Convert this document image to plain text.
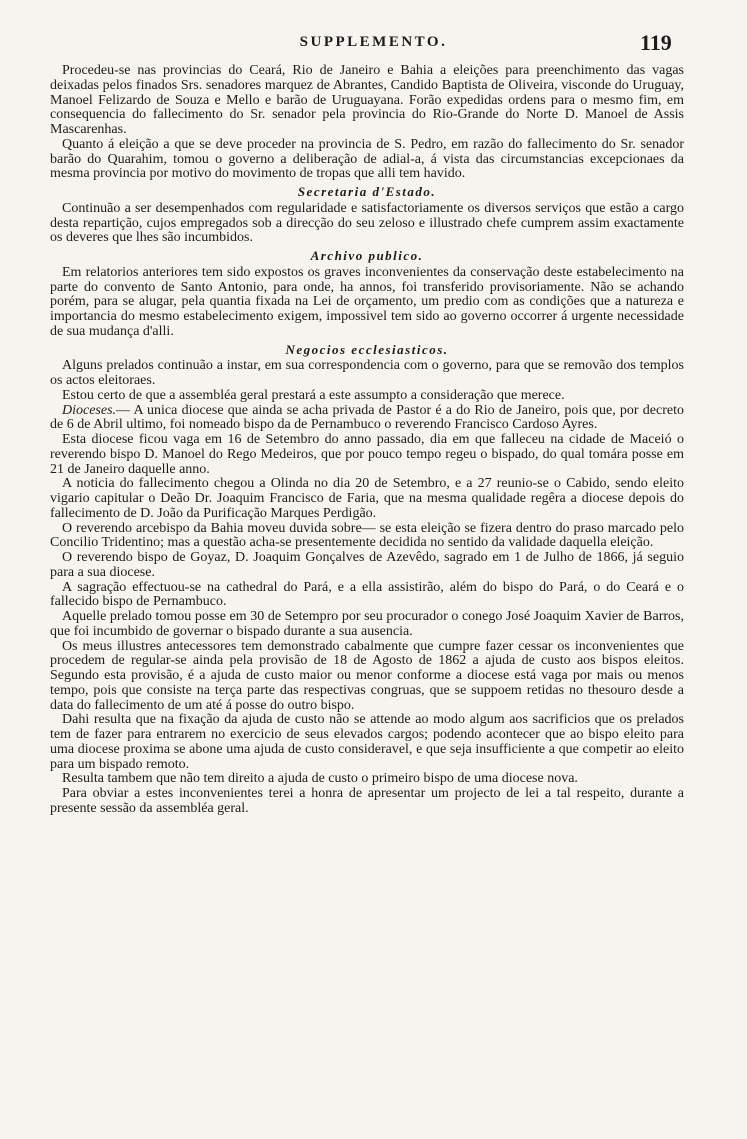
SUPPLEMENTO.	119

Procedeu-se nas provincias do Ceará, Rio de Janeiro e Bahia a eleições para preenchimento das vagas deixadas pelos finados Srs. senadores marquez de Abrantes, Candido Baptista de Oliveira, visconde do Uruguay, Manoel Felizardo de Souza e Mello e barão de Uruguayana. Forão expedidas ordens para o mesmo fim, em consequencia do fallecimento do Sr. senador pela provincia do Rio-Grande do Norte D. Manoel de Assis Mascarenhas.

Quanto á eleição a que se deve proceder na provincia de S. Pedro, em razão do fallecimento do Sr. senador barão do Quarahim, tomou o governo a deliberação de adial-a, á vista das circumstancias excepcionaes da mesma provincia por motivo do movimento de tropas que alli tem havido.

Secretaria d'Estado.

Continuão a ser desempenhados com regularidade e satisfactoriamente os diversos serviços que estão a cargo desta repartição, cujos empregados sob a direcção do seu zeloso e illustrado chefe cumprem assim exactamente os deveres que lhes são incumbidos.

Archivo publico.

Em relatorios anteriores tem sido expostos os graves inconvenientes da conservação deste estabelecimento na parte do convento de Santo Antonio, para onde, ha annos, foi transferido provisoriamente. Não se achando porém, para se alugar, pela quantia fixada na Lei de orçamento, um predio com as condições que a natureza e importancia do mesmo estabelecimento exigem, impossivel tem sido ao governo occorrer á urgente necessidade de sua mudança d'alli.

Negocios ecclesiasticos.

Alguns prelados continuão a instar, em sua correspondencia com o governo, para que se removão dos templos os actos eleitoraes.

Estou certo de que a assembléa geral prestará a este assumpto a consideração que merece.

Dioceses.— A unica diocese que ainda se acha privada de Pastor é a do Rio de Janeiro, pois que, por decreto de 6 de Abril ultimo, foi nomeado bispo da de Pernambuco o reverendo Francisco Cardoso Ayres.

Esta diocese ficou vaga em 16 de Setembro do anno passado, dia em que falleceu na cidade de Maceió o reverendo bispo D. Manoel do Rego Medeiros, que por pouco tempo regeu o bispado, do qual tomára posse em 21 de Janeiro daquelle anno.

A noticia do fallecimento chegou a Olinda no dia 20 de Setembro, e a 27 reunio-se o Cabido, sendo eleito vigario capitular o Deão Dr. Joaquim Francisco de Faria, que na mesma qualidade regêra a diocese depois do fallecimento de D. João da Purificação Marques Perdigão.

O reverendo arcebispo da Bahia moveu duvida sobre— se esta eleição se fizera dentro do praso marcado pelo Concilio Tridentino; mas a questão acha-se presentemente decidida no sentido da validade daquella eleição.

O reverendo bispo de Goyaz, D. Joaquim Gonçalves de Azevêdo, sagrado em 1 de Julho de 1866, já seguio para a sua diocese.

A sagração effectuou-se na cathedral do Pará, e a ella assistirão, além do bispo do Pará, o do Ceará e o fallecido bispo de Pernambuco.

Aquelle prelado tomou posse em 30 de Setempro por seu procurador o conego José Joaquim Xavier de Barros, que foi incumbido de governar o bispado durante a sua ausencia.

Os meus illustres antecessores tem demonstrado cabalmente que cumpre fazer cessar os inconvenientes que procedem de regular-se ainda pela provisão de 18 de Agosto de 1862 a ajuda de custo aos bispos eleitos. Segundo esta provisão, é a ajuda de custo maior ou menor conforme a diocese está vaga por mais ou menos tempo, pois que consiste na terça parte das respectivas congruas, que se suppoem retidas no thesouro desde a data do fallecimento de um até á posse do outro bispo.

Dahi resulta que na fixação da ajuda de custo não se attende ao modo algum aos sacrificios que os prelados tem de fazer para entrarem no exercicio de seus elevados cargos; podendo acontecer que ao bispo eleito para uma diocese proxima se abone uma ajuda de custo consideravel, e que seja insufficiente a que competir ao eleito para um bispado remoto.

Resulta tambem que não tem direito a ajuda de custo o primeiro bispo de uma diocese nova.

Para obviar a estes inconvenientes terei a honra de apresentar um projecto de lei a tal respeito, durante a presente sessão da assembléa geral.
